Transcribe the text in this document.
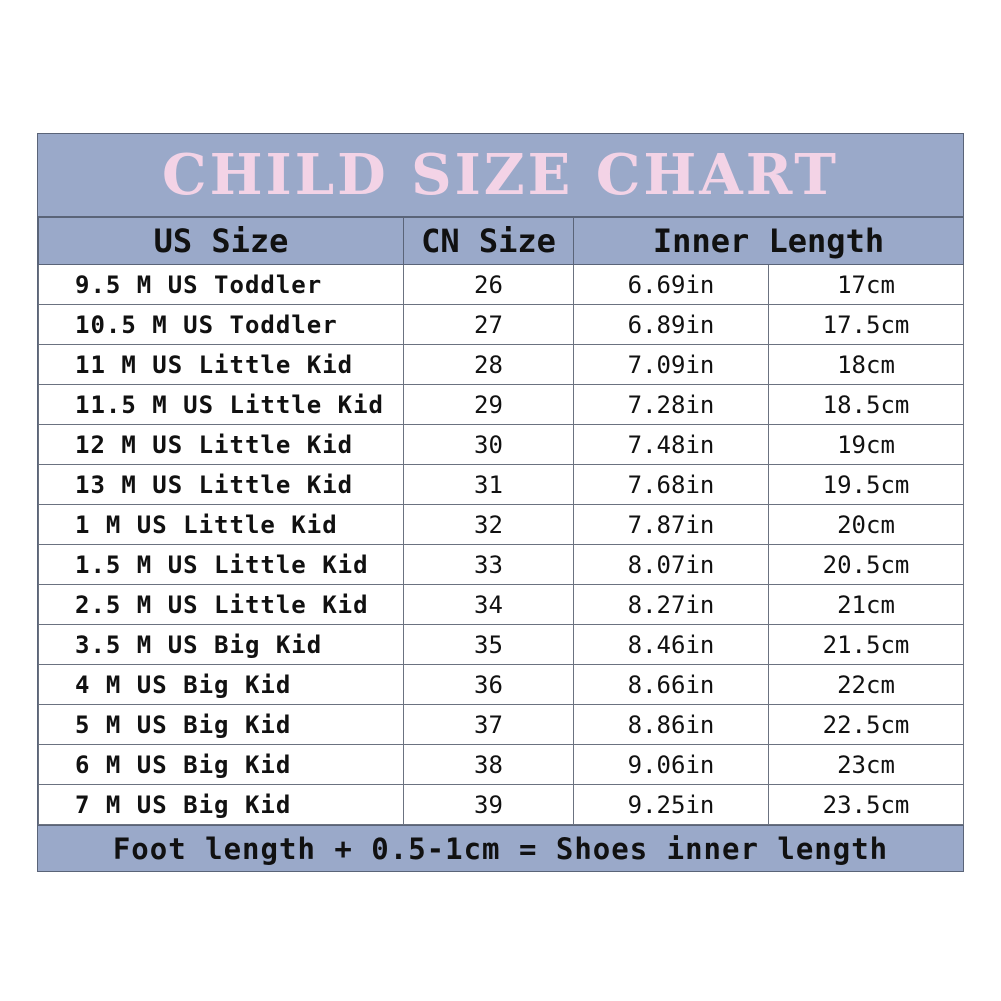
CHILD SIZE CHART
US Size	CN Size	Inner Length	
9.5 M US Toddler	26	6.69in	17cm
10.5 M US Toddler	27	6.89in	17.5cm
11 M US Little Kid	28	7.09in	18cm
11.5 M US Little Kid	29	7.28in	18.5cm
12 M US Little Kid	30	7.48in	19cm
13 M US Little Kid	31	7.68in	19.5cm
1 M US Little Kid	32	7.87in	20cm
1.5 M US Little Kid	33	8.07in	20.5cm
2.5 M US Little Kid	34	8.27in	21cm
3.5 M US Big Kid	35	8.46in	21.5cm
4 M US Big Kid	36	8.66in	22cm
5 M US Big Kid	37	8.86in	22.5cm
6 M US Big Kid	38	9.06in	23cm
7 M US Big Kid	39	9.25in	23.5cm
Foot length + 0.5-1cm = Shoes inner length
